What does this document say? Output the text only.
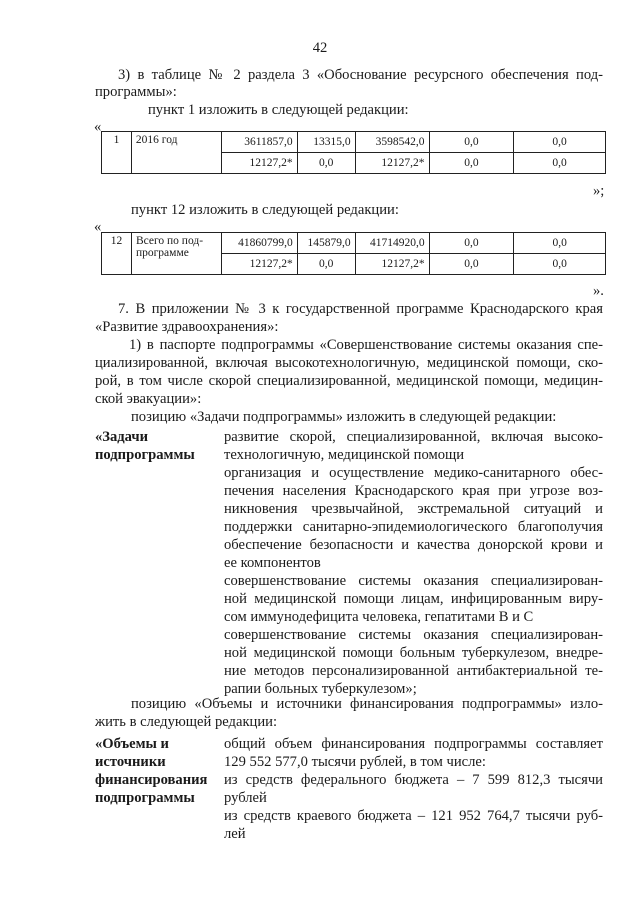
42
3) в таблице № 2 раздела 3 «Обоснование ресурсного обеспечения под-
программы»:
пункт 1 изложить в следующей редакции:
«
1	2016 год	3611857,0	13315,0	3598542,0	0,0	0,0
		12127,2*	0,0	12127,2*	0,0	0,0
»;
пункт 12 изложить в следующей редакции:
«
12	Всего по под-
программе	41860799,0	145879,0	41714920,0	0,0	0,0
		12127,2*	0,0	12127,2*	0,0	0,0
».
7. В приложении № 3 к государственной программе Краснодарского края
«Развитие здравоохранения»:
1) в паспорте подпрограммы «Совершенствование системы оказания спе-
циализированной, включая высокотехнологичную, медицинской помощи, ско-
рой, в том числе скорой специализированной, медицинской помощи, медицин-
ской эвакуации»:
позицию «Задачи подпрограммы» изложить в следующей редакции:
«Задачи
подпрограммы
развитие скорой, специализированной, включая высоко-
технологичную, медицинской помощи
организация и осуществление медико-санитарного обес-
печения населения Краснодарского края при угрозе воз-
никновения чрезвычайной, экстремальной ситуаций и
поддержки санитарно-эпидемиологического благополучия
обеспечение безопасности и качества донорской крови и
ее компонентов
совершенствование системы оказания специализирован-
ной медицинской помощи лицам, инфицированным виру-
сом иммунодефицита человека, гепатитами B и C
совершенствование системы оказания специализирован-
ной медицинской помощи больным туберкулезом, внедре-
ние методов персонализированной антибактериальной те-
рапии больных туберкулезом»;
позицию «Объемы и источники финансирования подпрограммы» изло-
жить в следующей редакции:
«Объемы и
источники
финансирования
подпрограммы
общий объем финансирования подпрограммы составляет
129 552 577,0 тысячи рублей, в том числе:
из средств федерального бюджета – 7 599 812,3 тысячи
рублей
из средств краевого бюджета – 121 952 764,7 тысячи руб-
лей
